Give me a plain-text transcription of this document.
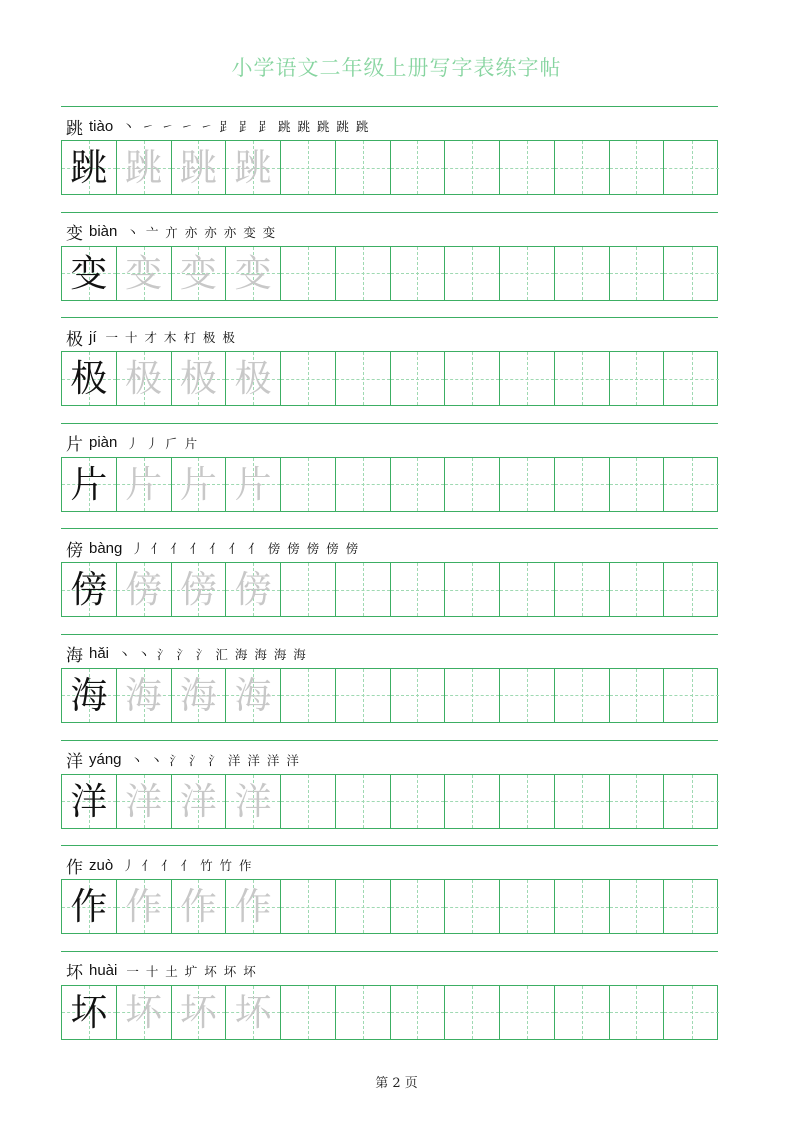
小学语文二年级上册写字表练字帖
跳 tiào 丶 ㇀ ㇀ ㇀ ㇀ 𧾷 𧾷 𧾷 跳 跳 跳 跳 跳
跳 跳 跳 跳
变 biàn 丶 亠 亣 亦 亦 亦 变 变
变 变 变 变
极 jí 一 十 才 木 朾 极 极
极 极 极 极
片 piàn 丿 丿 𠂆 片
片 片 片 片
傍 bàng 丿 亻 亻 亻 亻 亻 亻 傍 傍 傍 傍 傍
傍 傍 傍 傍
海 hǎi 丶 丶 氵 氵 氵 汇 海 海 海 海
海 海 海 海
洋 yáng 丶 丶 氵 氵 氵 洋 洋 洋 洋
洋 洋 洋 洋
作 zuò 丿 亻 亻 亻 竹 竹 作
作 作 作 作
坏 huài 一 十 土 圹 坏 坏 坏
坏 坏 坏 坏
第 2 页
